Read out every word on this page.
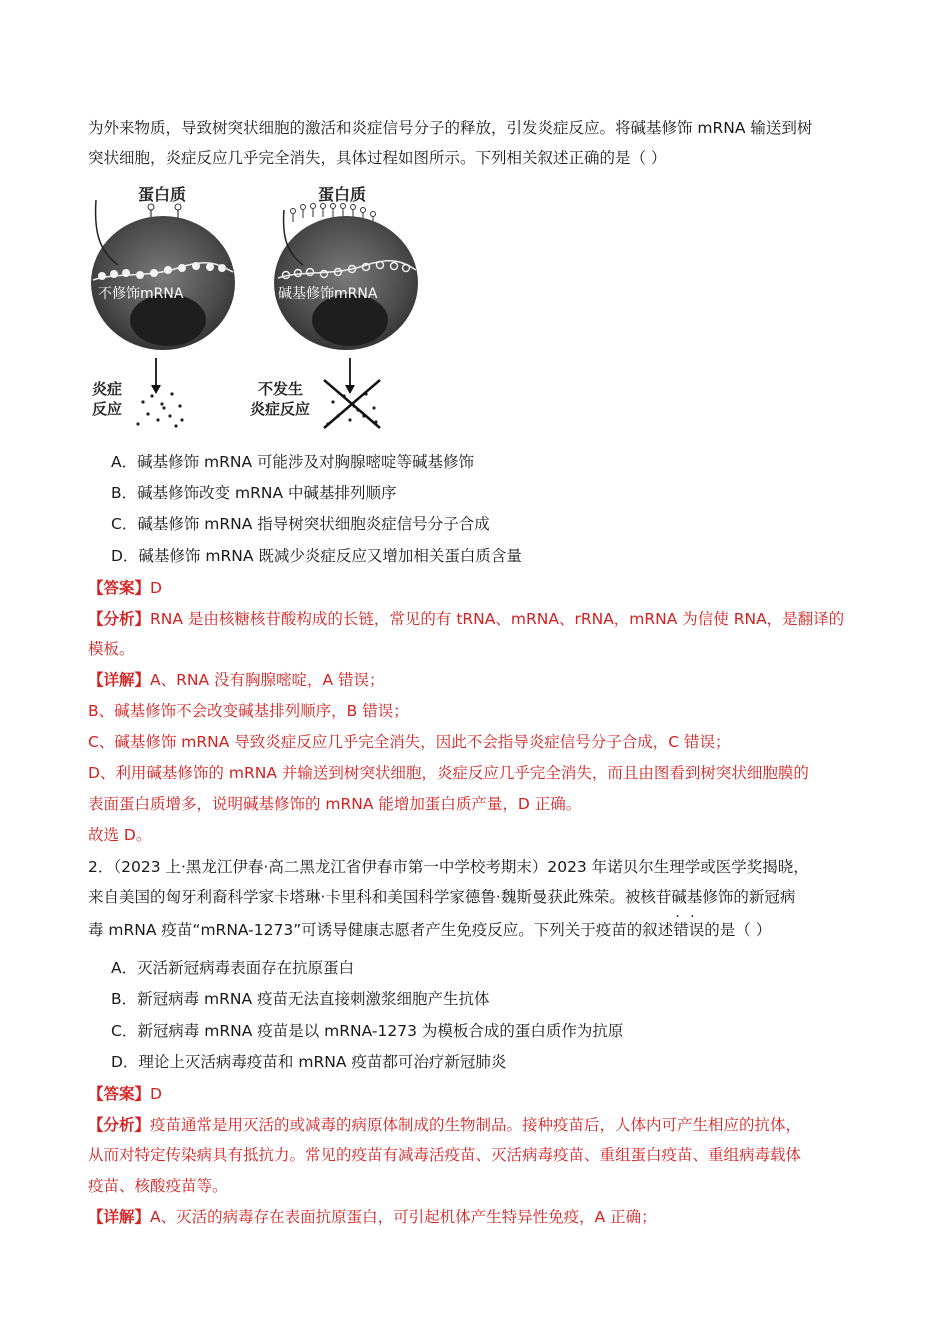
为外来物质，导致树突状细胞的激活和炎症信号分子的释放，引发炎症反应。将碱基修饰 mRNA 输送到树
突状细胞，炎症反应几乎完全消失，具体过程如图所示。下列相关叙述正确的是（ ）
蛋白质
不修饰mRNA
炎症
反应
蛋白质
碱基修饰mRNA
不发生
炎症反应
A．碱基修饰 mRNA 可能涉及对胸腺嘧啶等碱基修饰
B．碱基修饰改变 mRNA 中碱基排列顺序
C．碱基修饰 mRNA 指导树突状细胞炎症信号分子合成
D．碱基修饰 mRNA 既减少炎症反应又增加相关蛋白质含量
【答案】D
【分析】RNA 是由核糖核苷酸构成的长链，常见的有 tRNA、mRNA、rRNA，mRNA 为信使 RNA，是翻译的
模板。
【详解】A、RNA 没有胸腺嘧啶，A 错误；
B、碱基修饰不会改变碱基排列顺序，B 错误；
C、碱基修饰 mRNA 导致炎症反应几乎完全消失，因此不会指导炎症信号分子合成，C 错误；
D、利用碱基修饰的 mRNA 并输送到树突状细胞，炎症反应几乎完全消失，而且由图看到树突状细胞膜的
表面蛋白质增多，说明碱基修饰的 mRNA 能增加蛋白质产量，D 正确。
故选 D。
2．（2023 上·黑龙江伊春·高二黑龙江省伊春市第一中学校考期末）2023 年诺贝尔生理学或医学奖揭晓，
来自美国的匈牙利裔科学家卡塔琳·卡里科和美国科学家德鲁·魏斯曼获此殊荣。被核苷碱基修饰的新冠病
毒 mRNA 疫苗“mRNA-1273”可诱导健康志愿者产生免疫反应。下列关于疫苗的叙述错误 · ·的是（ ）
A．灭活新冠病毒表面存在抗原蛋白
B．新冠病毒 mRNA 疫苗无法直接刺激浆细胞产生抗体
C．新冠病毒 mRNA 疫苗是以 mRNA-1273 为模板合成的蛋白质作为抗原
D．理论上灭活病毒疫苗和 mRNA 疫苗都可治疗新冠肺炎
【答案】D
【分析】疫苗通常是用灭活的或减毒的病原体制成的生物制品。接种疫苗后，人体内可产生相应的抗体，
从而对特定传染病具有抵抗力。常见的疫苗有减毒活疫苗、灭活病毒疫苗、重组蛋白疫苗、重组病毒载体
疫苗、核酸疫苗等。
【详解】A、灭活的病毒存在表面抗原蛋白，可引起机体产生特异性免疫，A 正确；
